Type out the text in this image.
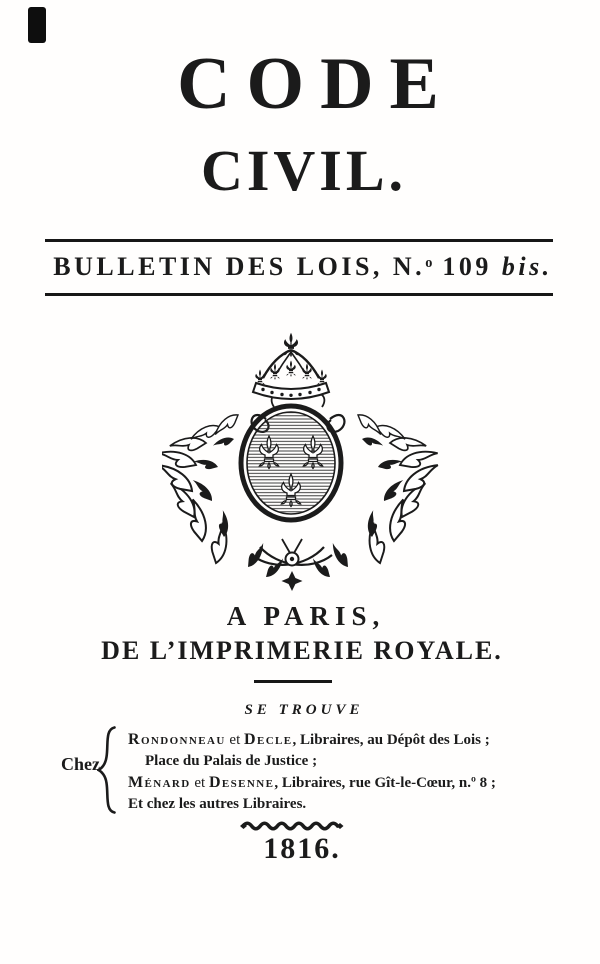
CODE
CIVIL.
BULLETIN DES LOIS, N.$^o$ 109 bis.
A PARIS,
DE L’IMPRIMERIE ROYALE.
SE TROUVE
Chez
Rondonneau et Decle, Libraires, au Dépôt des Lois ;
Place du Palais de Justice ;
Ménard et Desenne, Libraires, rue Gît-le-Cœur, n.º 8 ;
Et chez les autres Libraires.
1816.
